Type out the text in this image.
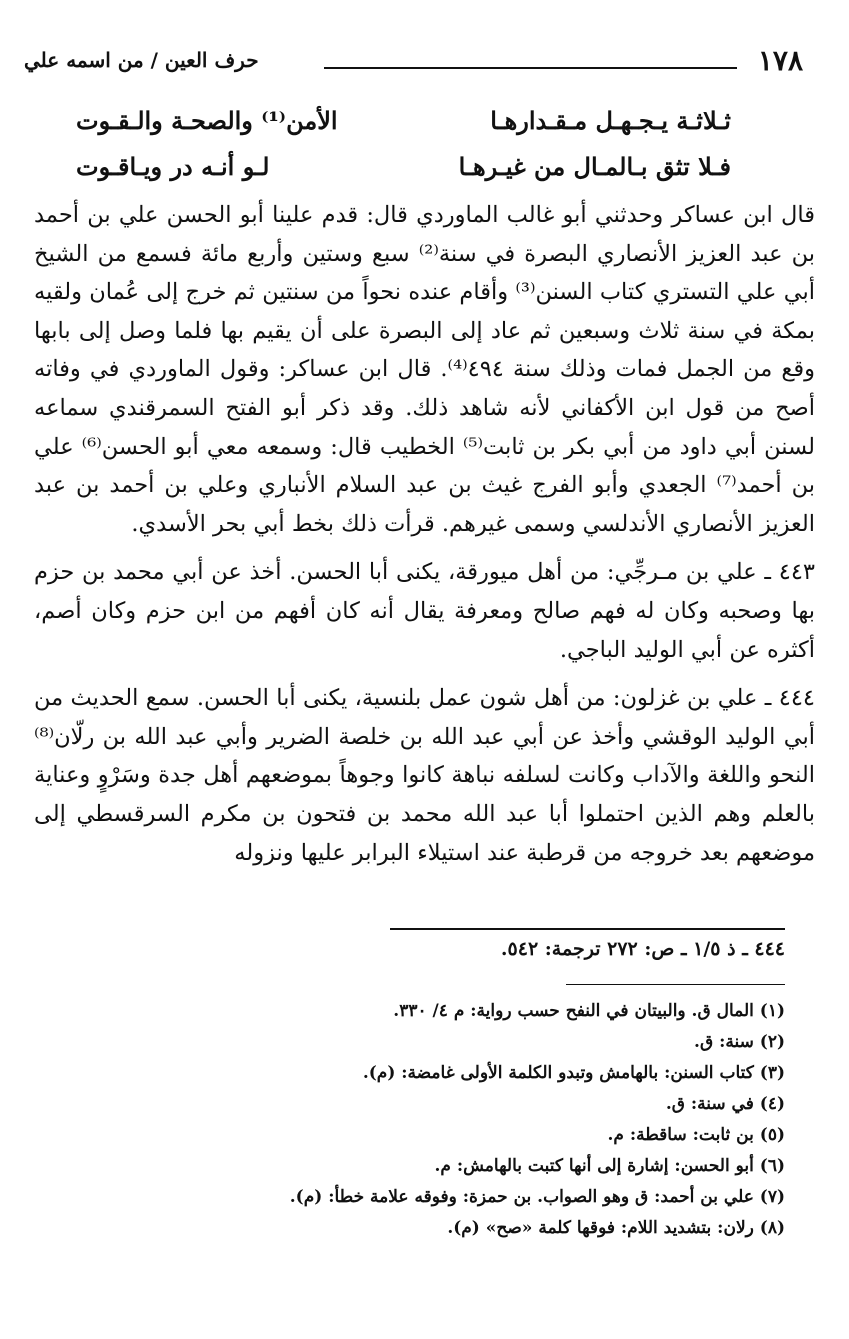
١٧٨
حرف العين / من اسمه علي
ثـلاثـة يـجـهـل مـقـدارهـا
الأمن⁽¹⁾ والصحـة والـقـوت
فـلا تثق بـالمـال من غيـرهـا
لـو أنـه در ويـاقـوت

قال ابن عساكر وحدثني أبو غالب الماوردي قال: قدم علينا أبو الحسن علي بن أحمد بن عبد العزيز الأنصاري البصرة في سنة⁽²⁾ سبع وستين وأربع مائة فسمع من الشيخ أبي علي التستري كتاب السنن⁽³⁾ وأقام عنده نحواً من سنتين ثم خرج إلى عُمان ولقيه بمكة في سنة ثلاث وسبعين ثم عاد إلى البصرة على أن يقيم بها فلما وصل إلى بابها وقع من الجمل فمات وذلك سنة ٤٩٤⁽⁴⁾. قال ابن عساكر: وقول الماوردي في وفاته أصح من قول ابن الأكفاني لأنه شاهد ذلك. وقد ذكر أبو الفتح السمرقندي سماعه لسنن أبي داود من أبي بكر بن ثابت⁽⁵⁾ الخطيب قال: وسمعه معي أبو الحسن⁽⁶⁾ علي بن أحمد⁽⁷⁾ الجعدي وأبو الفرج غيث بن عبد السلام الأنباري وعلي بن أحمد بن عبد العزيز الأنصاري الأندلسي وسمى غيرهم. قرأت ذلك بخط أبي بحر الأسدي.

٤٤٣ ـ علي بن مـرجِّي: من أهل ميورقة، يكنى أبا الحسن. أخذ عن أبي محمد بن حزم بها وصحبه وكان له فهم صالح ومعرفة يقال أنه كان أفهم من ابن حزم وكان أصم، أكثره عن أبي الوليد الباجي.

٤٤٤ ـ علي بن غزلون: من أهل شون عمل بلنسية، يكنى أبا الحسن. سمع الحديث من أبي الوليد الوقشي وأخذ عن أبي عبد الله بن خلصة الضرير وأبي عبد الله بن رلّان⁽⁸⁾ النحو واللغة والآداب وكانت لسلفه نباهة كانوا وجوهاً بموضعهم أهل جدة وسَرْوٍ وعناية بالعلم وهم الذين احتملوا أبا عبد الله محمد بن فتحون بن مكرم السرقسطي إلى موضعهم بعد خروجه من قرطبة عند استيلاء البرابر عليها ونزوله

٤٤٤ ـ ذ ١/٥ ـ ص: ٢٧٢ ترجمة: ٥٤٢.
(١) المال ق. والبيتان في النفح حسب رواية: م ٤/ ٣٣٠.
(٢) سنة: ق.
(٣) كتاب السنن: بالهامش وتبدو الكلمة الأولى غامضة: (م).
(٤) في سنة: ق.
(٥) بن ثابت: ساقطة: م.
(٦) أبو الحسن: إشارة إلى أنها كتبت بالهامش: م.
(٧) علي بن أحمد: ق وهو الصواب. بن حمزة: وفوقه علامة خطأ: (م).
(٨) رلان: بتشديد اللام: فوقها كلمة «صح» (م).
